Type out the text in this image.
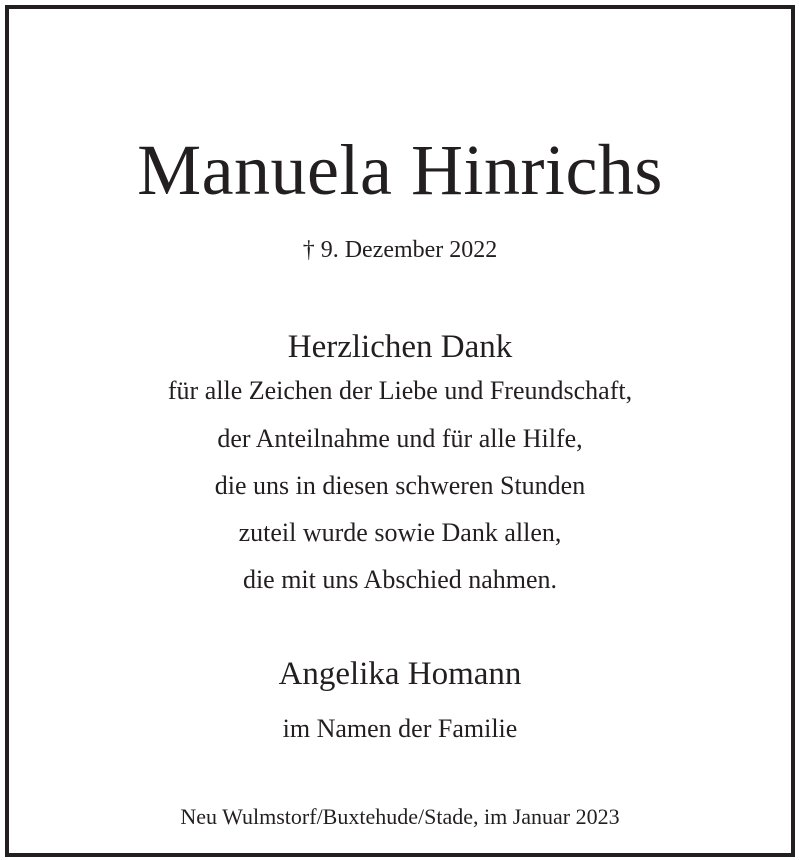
Manuela Hinrichs
† 9. Dezember 2022
Herzlichen Dank
für alle Zeichen der Liebe und Freundschaft,
der Anteilnahme und für alle Hilfe,
die uns in diesen schweren Stunden
zuteil wurde sowie Dank allen,
die mit uns Abschied nahmen.
Angelika Homann
im Namen der Familie
Neu Wulmstorf/Buxtehude/Stade, im Januar 2023
